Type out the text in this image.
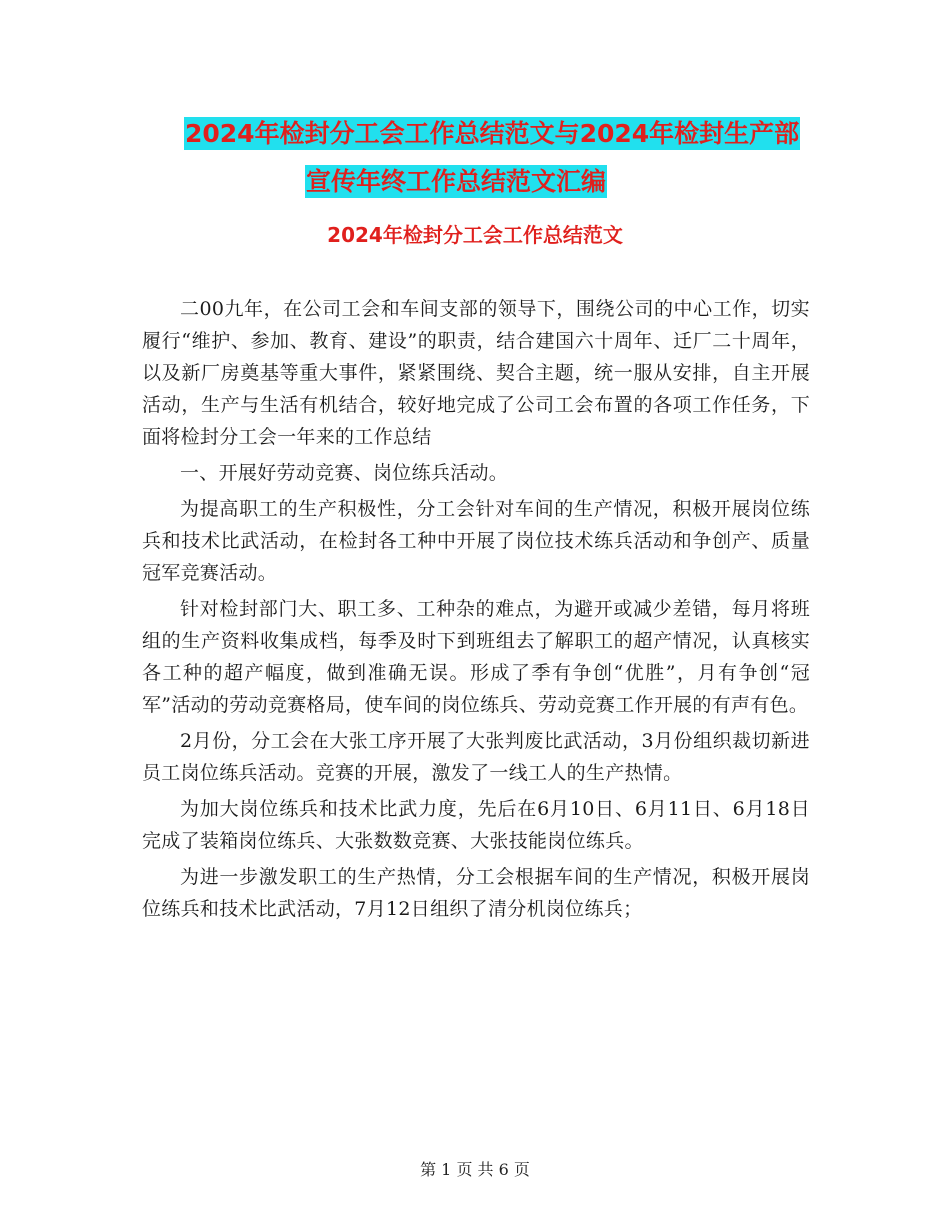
2024年检封分工会工作总结范文与2024年检封生产部
宣传年终工作总结范文汇编
2024年检封分工会工作总结范文

二00九年，在公司工会和车间支部的领导下，围绕公司的中心工作，切实履行“维护、参加、教育、建设”的职责，结合建国六十周年、迁厂二十周年，以及新厂房奠基等重大事件，紧紧围绕、契合主题，统一服从安排，自主开展活动，生产与生活有机结合，较好地完成了公司工会布置的各项工作任务，下面将检封分工会一年来的工作总结

一、开展好劳动竞赛、岗位练兵活动。

为提高职工的生产积极性，分工会针对车间的生产情况，积极开展岗位练兵和技术比武活动，在检封各工种中开展了岗位技术练兵活动和争创产、质量冠军竞赛活动。

针对检封部门大、职工多、工种杂的难点，为避开或减少差错，每月将班组的生产资料收集成档，每季及时下到班组去了解职工的超产情况，认真核实各工种的超产幅度，做到准确无误。形成了季有争创“优胜”，月有争创“冠军”活动的劳动竞赛格局，使车间的岗位练兵、劳动竞赛工作开展的有声有色。

2月份，分工会在大张工序开展了大张判废比武活动，3月份组织裁切新进员工岗位练兵活动。竞赛的开展，激发了一线工人的生产热情。

为加大岗位练兵和技术比武力度，先后在6月10日、6月11日、6月18日完成了装箱岗位练兵、大张数数竞赛、大张技能岗位练兵。

为进一步激发职工的生产热情，分工会根据车间的生产情况，积极开展岗位练兵和技术比武活动，7月12日组织了清分机岗位练兵；

第 1 页 共 6 页
